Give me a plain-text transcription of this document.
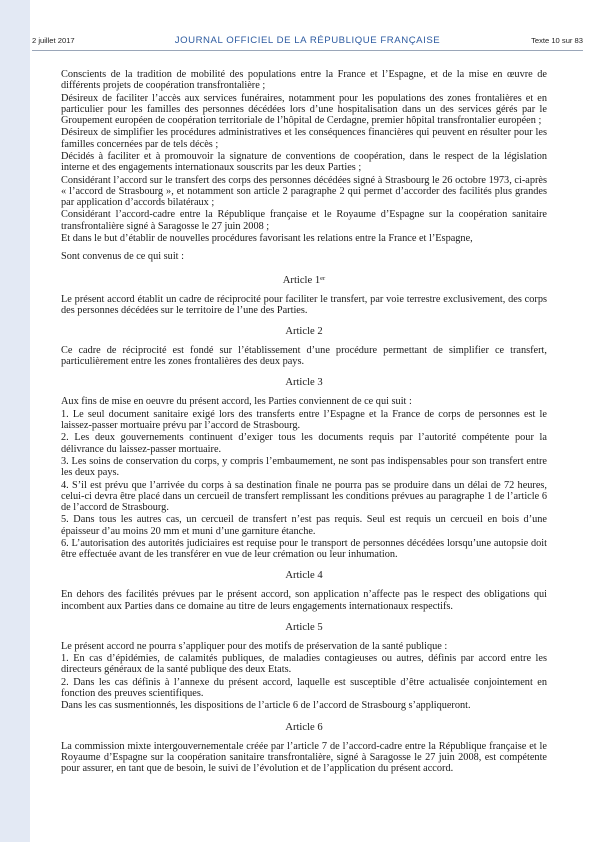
2 juillet 2017	JOURNAL OFFICIEL DE LA RÉPUBLIQUE FRANÇAISE	Texte 10 sur 83

Conscients de la tradition de mobilité des populations entre la France et l’Espagne, et de la mise en œuvre de différents projets de coopération transfrontalière ;

Désireux de faciliter l’accès aux services funéraires, notamment pour les populations des zones frontalières et en particulier pour les familles des personnes décédées lors d’une hospitalisation dans un des services gérés par le Groupement européen de coopération territoriale de l’hôpital de Cerdagne, premier hôpital transfrontalier européen ;

Désireux de simplifier les procédures administratives et les conséquences financières qui peuvent en résulter pour les familles concernées par de tels décès ;

Décidés à faciliter et à promouvoir la signature de conventions de coopération, dans le respect de la législation interne et des engagements internationaux souscrits par les deux Parties ;

Considérant l’accord sur le transfert des corps des personnes décédées signé à Strasbourg le 26 octobre 1973, ci-après « l’accord de Strasbourg », et notamment son article 2 paragraphe 2 qui permet d’accorder des facilités plus grandes par application d’accords bilatéraux ;

Considérant l’accord-cadre entre la République française et le Royaume d’Espagne sur la coopération sanitaire transfrontalière signé à Saragosse le 27 juin 2008 ;

Et dans le but d’établir de nouvelles procédures favorisant les relations entre la France et l’Espagne,

Sont convenus de ce qui suit :

Article 1er

Le présent accord établit un cadre de réciprocité pour faciliter le transfert, par voie terrestre exclusivement, des corps des personnes décédées sur le territoire de l’une des Parties.

Article 2

Ce cadre de réciprocité est fondé sur l’établissement d’une procédure permettant de simplifier ce transfert, particulièrement entre les zones frontalières des deux pays.

Article 3

Aux fins de mise en oeuvre du présent accord, les Parties conviennent de ce qui suit :

1. Le seul document sanitaire exigé lors des transferts entre l’Espagne et la France de corps de personnes est le laissez-passer mortuaire prévu par l’accord de Strasbourg.

2. Les deux gouvernements continuent d’exiger tous les documents requis par l’autorité compétente pour la délivrance du laissez-passer mortuaire.

3. Les soins de conservation du corps, y compris l’embaumement, ne sont pas indispensables pour son transfert entre les deux pays.

4. S’il est prévu que l’arrivée du corps à sa destination finale ne pourra pas se produire dans un délai de 72 heures, celui-ci devra être placé dans un cercueil de transfert remplissant les conditions prévues au paragraphe 1 de l’article 6 de l’accord de Strasbourg.

5. Dans tous les autres cas, un cercueil de transfert n’est pas requis. Seul est requis un cercueil en bois d’une épaisseur d’au moins 20 mm et muni d’une garniture étanche.

6. L’autorisation des autorités judiciaires est requise pour le transport de personnes décédées lorsqu’une autopsie doit être effectuée avant de les transférer en vue de leur crémation ou leur inhumation.

Article 4

En dehors des facilités prévues par le présent accord, son application n’affecte pas le respect des obligations qui incombent aux Parties dans ce domaine au titre de leurs engagements internationaux respectifs.

Article 5

Le présent accord ne pourra s’appliquer pour des motifs de préservation de la santé publique :

1. En cas d’épidémies, de calamités publiques, de maladies contagieuses ou autres, définis par accord entre les directeurs généraux de la santé publique des deux Etats.

2. Dans les cas définis à l’annexe du présent accord, laquelle est susceptible d’être actualisée conjointement en fonction des preuves scientifiques.

Dans les cas susmentionnés, les dispositions de l’article 6 de l’accord de Strasbourg s’appliqueront.

Article 6

La commission mixte intergouvernementale créée par l’article 7 de l’accord-cadre entre la République française et le Royaume d’Espagne sur la coopération sanitaire transfrontalière, signé à Saragosse le 27 juin 2008, est compétente pour assurer, en tant que de besoin, le suivi de l’évolution et de l’application du présent accord.
